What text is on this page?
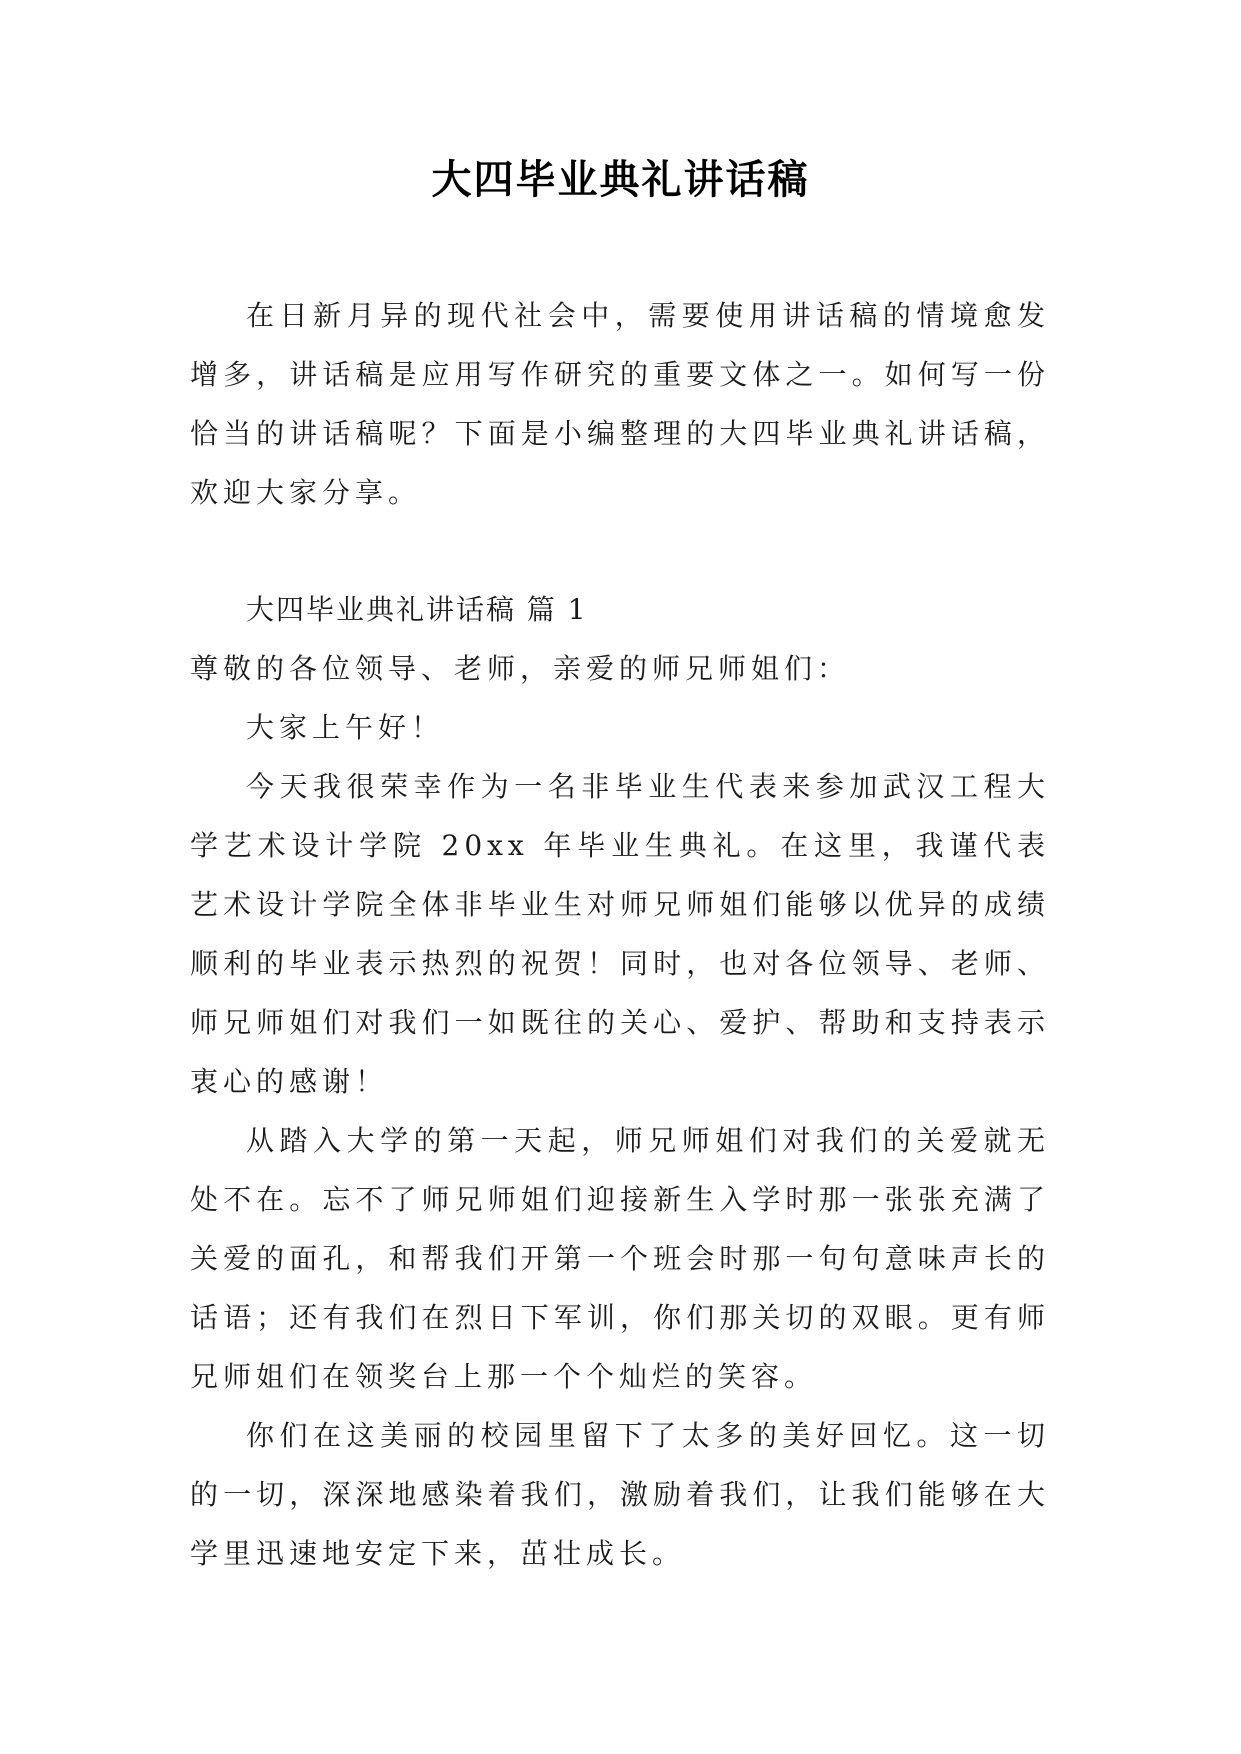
大四毕业典礼讲话稿

在日新月异的现代社会中，需要使用讲话稿的情境愈发增多，讲话稿是应用写作研究的重要文体之一。如何写一份恰当的讲话稿呢？下面是小编整理的大四毕业典礼讲话稿，欢迎大家分享。

大四毕业典礼讲话稿 篇 1

尊敬的各位领导、老师，亲爱的师兄师姐们：

大家上午好！

今天我很荣幸作为一名非毕业生代表来参加武汉工程大学艺术设计学院 20xx 年毕业生典礼。在这里，我谨代表艺术设计学院全体非毕业生对师兄师姐们能够以优异的成绩顺利的毕业表示热烈的祝贺！同时，也对各位领导、老师、师兄师姐们对我们一如既往的关心、爱护、帮助和支持表示衷心的感谢！

从踏入大学的第一天起，师兄师姐们对我们的关爱就无处不在。忘不了师兄师姐们迎接新生入学时那一张张充满了关爱的面孔，和帮我们开第一个班会时那一句句意味声长的话语；还有我们在烈日下军训，你们那关切的双眼。更有师兄师姐们在领奖台上那一个个灿烂的笑容。

你们在这美丽的校园里留下了太多的美好回忆。这一切的一切，深深地感染着我们，激励着我们，让我们能够在大学里迅速地安定下来，茁壮成长。
